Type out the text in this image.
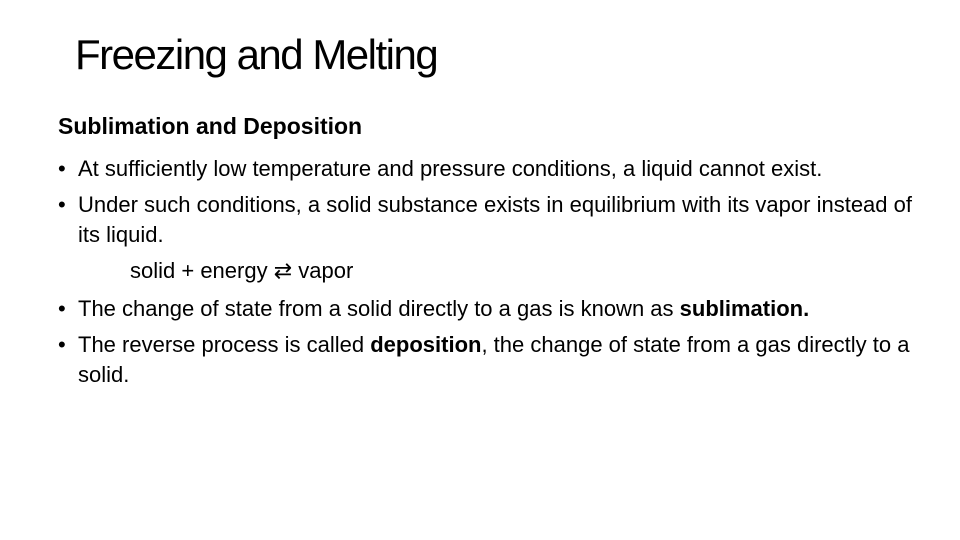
Freezing and Melting
Sublimation and Deposition
• At sufficiently low temperature and pressure conditions, a liquid cannot exist.
• Under such conditions, a solid substance exists in equilibrium with its vapor instead of its liquid.
solid + energy ⇄ vapor
• The change of state from a solid directly to a gas is known as sublimation.
• The reverse process is called deposition, the change of state from a gas directly to a solid.
